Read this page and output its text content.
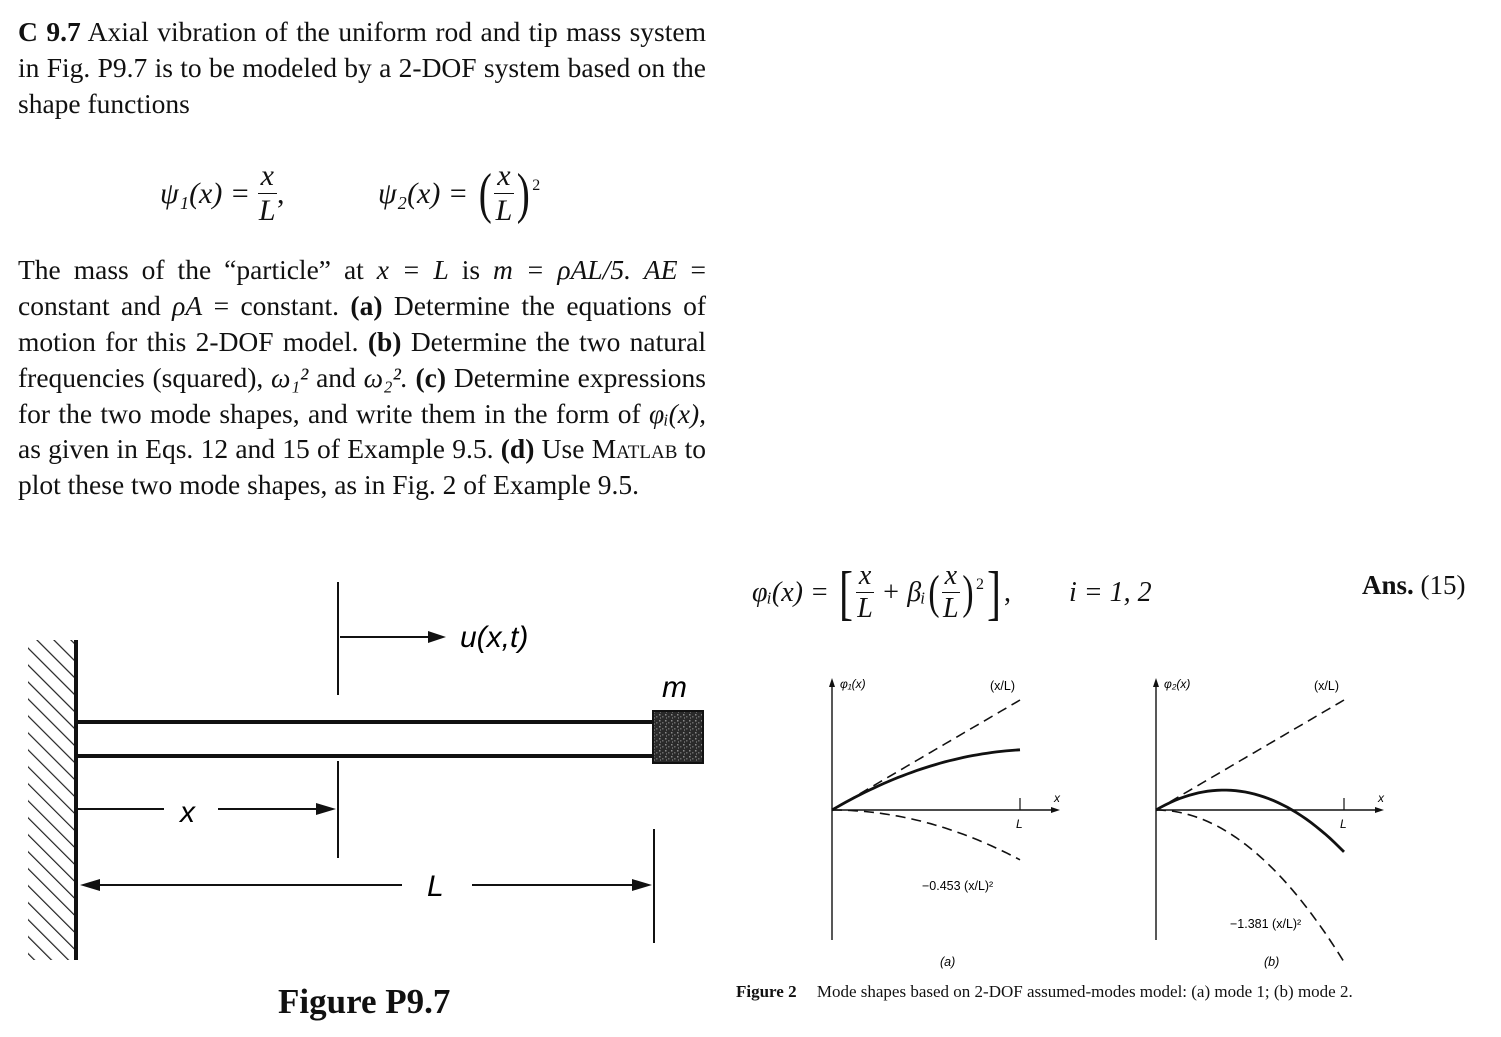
C 9.7 Axial vibration of the uniform rod and tip mass system in Fig. P9.7 is to be modeled by a 2-DOF system based on the shape functions

ψ₁(x) =
$\frac{x}{L}$ ,	ψ₂(x) =
( $\frac{x}{L}$ ) 2

The mass of the “particle” at x = L is m = ρAL/5. AE = constant and ρA = constant. (a) Determine the equations of motion for this 2-DOF model. (b) Determine the two natural frequencies (squared), ω₁² and ω₂². (c) Determine expressions for the two mode shapes, and write them in the form of φᵢ(x), as given in Eqs. 12 and 15 of Example 9.5. (d) Use Matlab to plot these two mode shapes, as in Fig. 2 of Example 9.5.

m
u(x,t)
x
L
Figure P9.7
φᵢ(x) =
[ $\frac{x}{L}$
+ βᵢ ( $\frac{x}{L}$ ) 2 ] , i = 1, 2	Ans. (15)
L
x
φ₁(x)	(x/L)
−0.453 (x/L)²
(a)
L
x
φ₂(x)	(x/L)
−1.381 (x/L)²
(b)
Figure 2 Mode shapes based on 2-DOF assumed-modes model: (a) mode 1; (b) mode 2.
